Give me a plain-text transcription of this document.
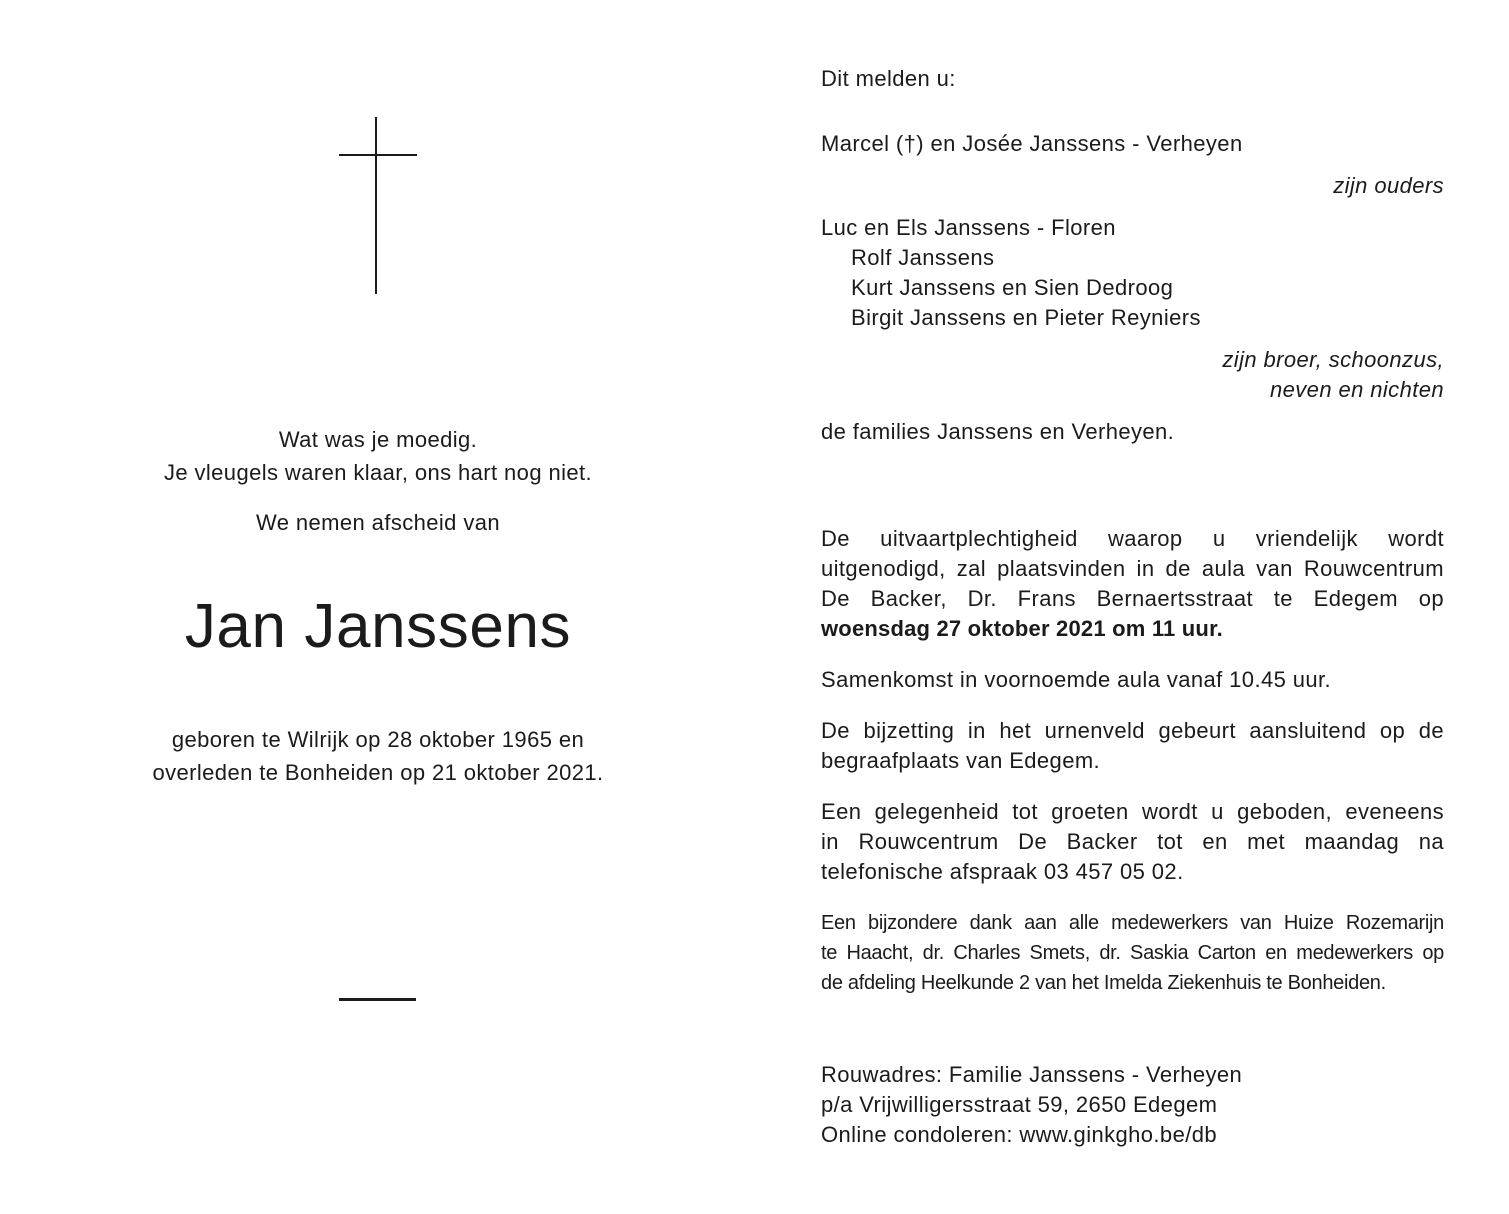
Wat was je moedig.
Je vleugels waren klaar, ons hart nog niet.
We nemen afscheid van
Jan Janssens
geboren te Wilrijk op 28 oktober 1965 en
overleden te Bonheiden op 21 oktober 2021.
Dit melden u:
Marcel (†) en Josée Janssens - Verheyen
zijn ouders
Luc en Els Janssens - Floren
Rolf Janssens
Kurt Janssens en Sien Dedroog
Birgit Janssens en Pieter Reyniers
zijn broer, schoonzus,
neven en nichten
de families Janssens en Verheyen.
De uitvaartplechtigheid waarop u vriendelijk wordt
uitgenodigd, zal plaatsvinden in de aula van Rouwcentrum
De Backer, Dr. Frans Bernaertsstraat te Edegem op
woensdag 27 oktober 2021 om 11 uur.
Samenkomst in voornoemde aula vanaf 10.45 uur.
De bijzetting in het urnenveld gebeurt aansluitend op de
begraafplaats van Edegem.
Een gelegenheid tot groeten wordt u geboden, eveneens
in Rouwcentrum De Backer tot en met maandag na
telefonische afspraak 03 457 05 02.
Een bijzondere dank aan alle medewerkers van Huize Rozemarijn
te Haacht, dr. Charles Smets, dr. Saskia Carton en medewerkers op
de afdeling Heelkunde 2 van het Imelda Ziekenhuis te Bonheiden.
Rouwadres: Familie Janssens - Verheyen
p/a Vrijwilligersstraat 59, 2650 Edegem
Online condoleren: www.ginkgho.be/db
